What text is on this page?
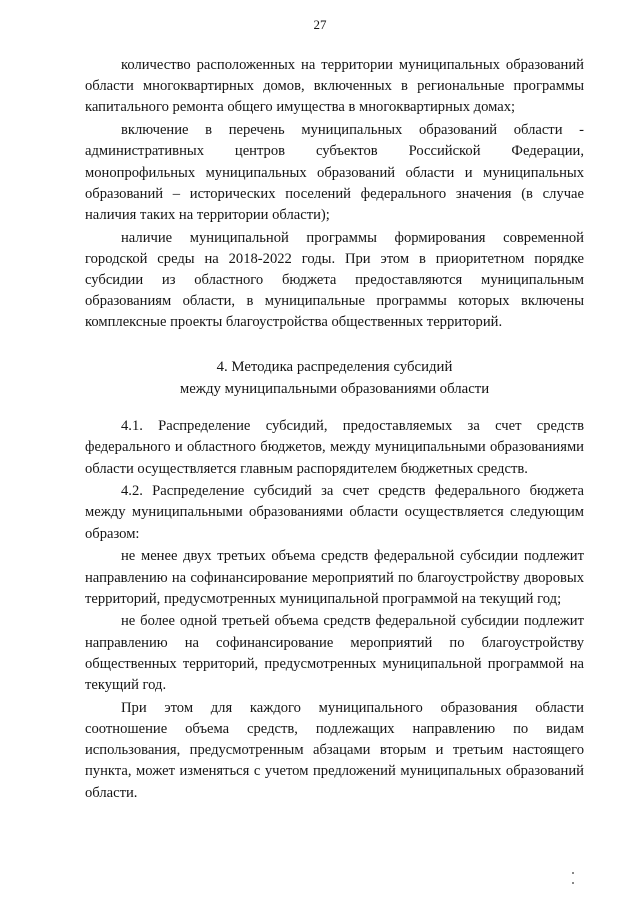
27

количество расположенных на территории муниципальных образований области многоквартирных домов, включенных в региональные программы капитального ремонта общего имущества в многоквартирных домах;

включение в перечень муниципальных образований области - административных центров субъектов Российской Федерации, монопрофильных муниципальных образований области и муниципальных образований – исторических поселений федерального значения (в случае наличия таких на территории области);

наличие муниципальной программы формирования современной городской среды на 2018-2022 годы. При этом в приоритетном порядке субсидии из областного бюджета предоставляются муниципальным образованиям области, в муниципальные программы которых включены комплексные проекты благоустройства общественных территорий.

4. Методика распределения субсидий
между муниципальными образованиями области

4.1. Распределение субсидий, предоставляемых за счет средств федерального и областного бюджетов, между муниципальными образованиями области осуществляется главным распорядителем бюджетных средств.

4.2. Распределение субсидий за счет средств федерального бюджета между муниципальными образованиями области осуществляется следующим образом:

не менее двух третьих объема средств федеральной субсидии подлежит направлению на софинансирование мероприятий по благоустройству дворовых территорий, предусмотренных муниципальной программой на текущий год;

не более одной третьей объема средств федеральной субсидии подлежит направлению на софинансирование мероприятий по благоустройству общественных территорий, предусмотренных муниципальной программой на текущий год.

При этом для каждого муниципального образования области соотношение объема средств, подлежащих направлению по видам использования, предусмотренным абзацами вторым и третьим настоящего пункта, может изменяться с учетом предложений муниципальных образований области.
